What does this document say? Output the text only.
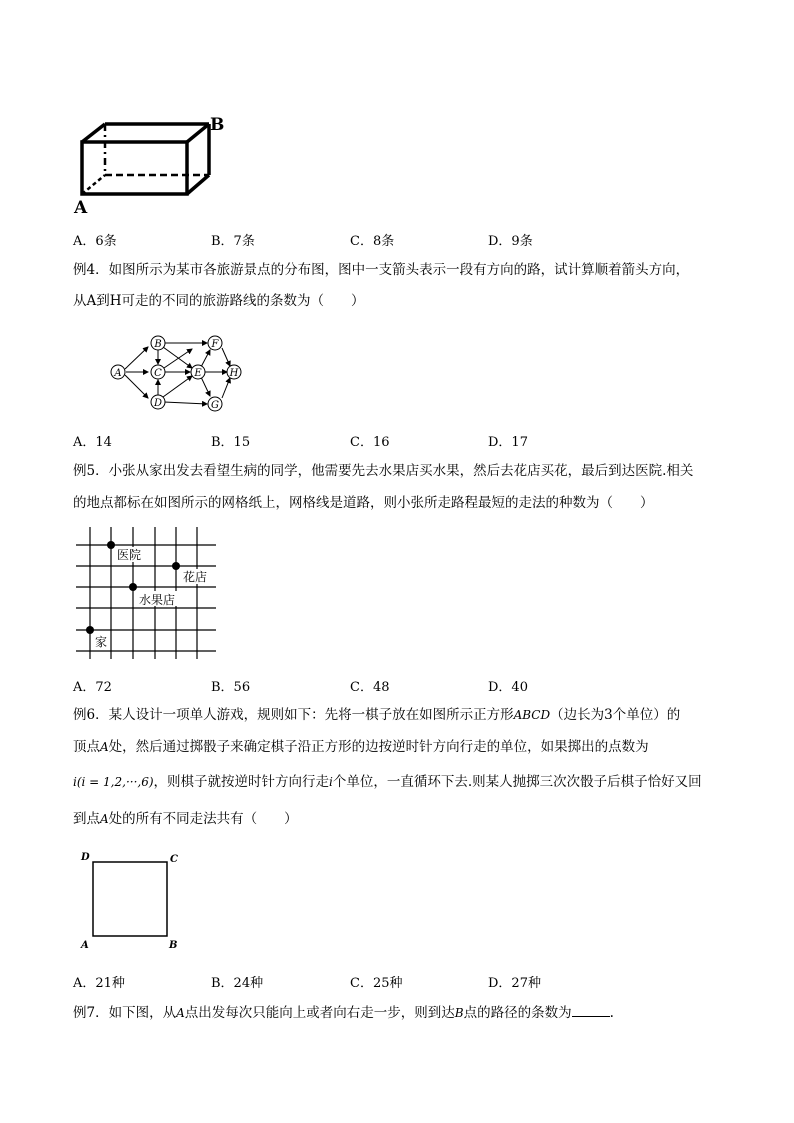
B
A
A．6条	B．7条	C．8条	D．9条
例4．如图所示为某市各旅游景点的分布图，图中一支箭头表示一段有方向的路，试计算顺着箭头方向，
从A到H可走的不同的旅游路线的条数为（　　）
A
B
C
D
E
F
G
H
A．14	B．15	C．16	D．17
例5．小张从家出发去看望生病的同学，他需要先去水果店买水果，然后去花店买花，最后到达医院.相关
的地点都标在如图所示的网格纸上，网格线是道路，则小张所走路程最短的走法的种数为（　　）
医院
花店
水果店
家
A．72	B．56	C．48	D．40
例6．某人设计一项单人游戏，规则如下：先将一棋子放在如图所示正方形ABCD（边长为3个单位）的
顶点A处，然后通过掷骰子来确定棋子沿正方形的边按逆时针方向行走的单位，如果掷出的点数为
i(i = 1,2,···,6)，则棋子就按逆时针方向行走i个单位，一直循环下去.则某人抛掷三次次骰子后棋子恰好又回
到点A处的所有不同走法共有（　　）
A	B
C
D
A．21种	B．24种	C．25种	D．27种
例7．如下图，从A点出发每次只能向上或者向右走一步，则到达B点的路径的条数为	.
